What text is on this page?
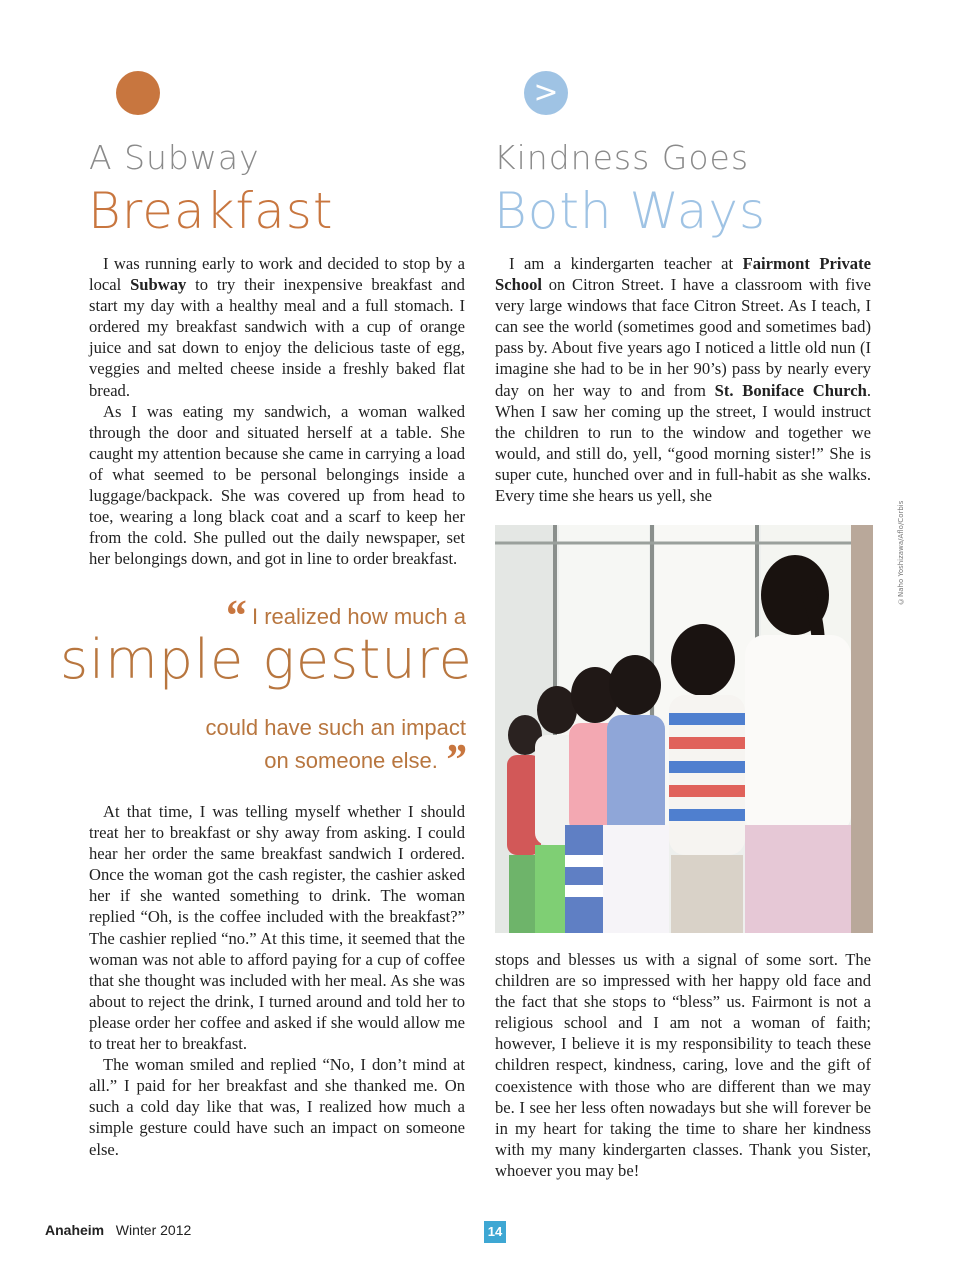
>
A Subway
Breakfast

I was running early to work and decided to stop by a local Subway to try their inexpensive breakfast and start my day with a healthy meal and a full stomach. I ordered my breakfast sandwich with a cup of orange juice and sat down to enjoy the delicious taste of egg, veggies and melted cheese inside a freshly baked flat bread.

As I was eating my sandwich, a woman walked through the door and situated herself at a table. She caught my attention because she came in carrying a load of what seemed to be personal belongings inside a luggage/backpack. She was covered up from head to toe, wearing a long black coat and a scarf to keep her from the cold. She pulled out the daily newspaper, set her belongings down, and got in line to order breakfast.

“ I realized how much a
simple gesture
could have such an impact
on someone else. ”

At that time, I was telling myself whether I should treat her to breakfast or shy away from asking. I could hear her order the same breakfast sandwich I ordered. Once the woman got the cash register, the cashier asked her if she wanted something to drink. The woman replied “Oh, is the coffee included with the breakfast?” The cashier replied “no.” At this time, it seemed that the woman was not able to afford paying for a cup of coffee that she thought was included with her meal. As she was about to reject the drink, I turned around and told her to please order her coffee and asked if she would allow me to treat her to breakfast.

The woman smiled and replied “No, I don’t mind at all.” I paid for her breakfast and she thanked me. On such a cold day like that was, I realized how much a simple gesture could have such an impact on someone else.

Kindness Goes
Both Ways

I am a kindergarten teacher at Fairmont Private School on Citron Street. I have a classroom with five very large windows that face Citron Street. As I teach, I can see the world (sometimes good and sometimes bad) pass by. About five years ago I noticed a little old nun (I imagine she had to be in her 90’s) pass by nearly every day on her way to and from St. Boniface Church. When I saw her coming up the street, I would instruct the children to run to the window and together we would, and still do, yell, “good morning sister!” She is super cute, hunched over and in full-habit as she walks. Every time she hears us yell, she

©Naho Yoshizawa/Aflo/Corbis

stops and blesses us with a signal of some sort. The children are so impressed with her happy old face and the fact that she stops to “bless” us. Fairmont is not a religious school and I am not a woman of faith; however, I believe it is my responsibility to teach these children respect, kindness, caring, love and the gift of coexistence with those who are different than we may be. I see her less often nowadays but she will forever be in my heart for taking the time to share her kindness with my many kindergarten classes. Thank you Sister, whoever you may be!

Anaheim Winter 2012	14
